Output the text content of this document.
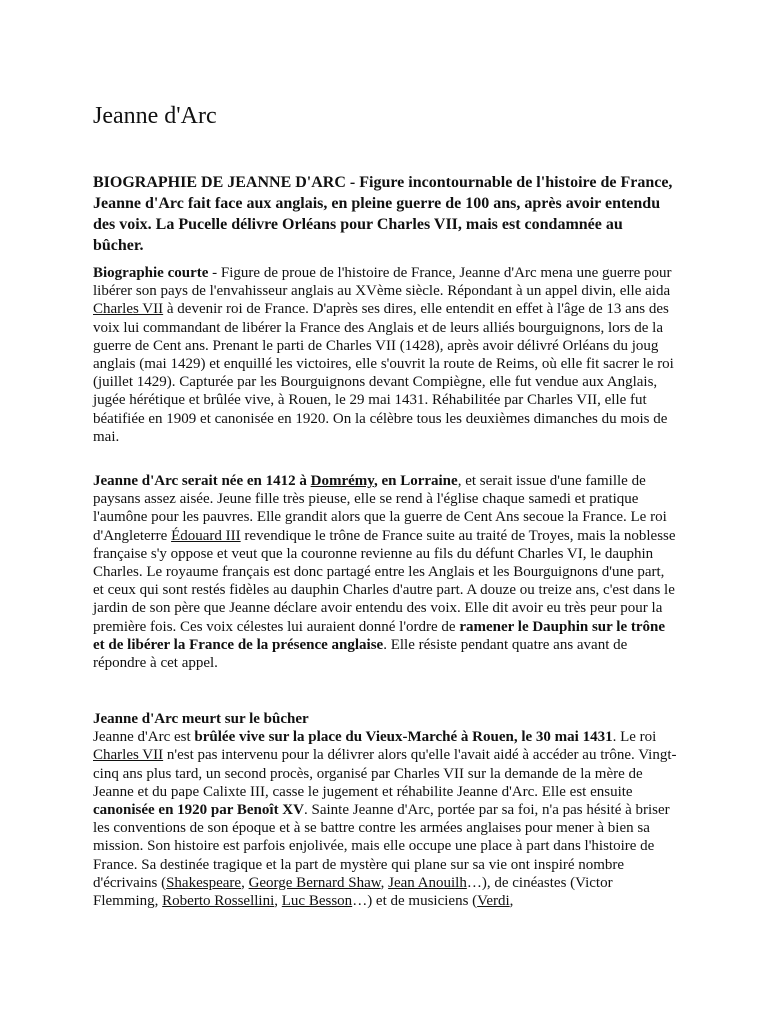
Jeanne d'Arc

BIOGRAPHIE DE JEANNE D'ARC - Figure incontournable de l'histoire de France, Jeanne d'Arc fait face aux anglais, en pleine guerre de 100 ans, après avoir entendu des voix. La Pucelle délivre Orléans pour Charles VII, mais est condamnée au bûcher.

Biographie courte - Figure de proue de l'histoire de France, Jeanne d'Arc mena une guerre pour libérer son pays de l'envahisseur anglais au XVème siècle. Répondant à un appel divin, elle aida Charles VII à devenir roi de France. D'après ses dires, elle entendit en effet à l'âge de 13 ans des voix lui commandant de libérer la France des Anglais et de leurs alliés bourguignons, lors de la guerre de Cent ans. Prenant le parti de Charles VII (1428), après avoir délivré Orléans du joug anglais (mai 1429) et enquillé les victoires, elle s'ouvrit la route de Reims, où elle fit sacrer le roi (juillet 1429). Capturée par les Bourguignons devant Compiègne, elle fut vendue aux Anglais, jugée hérétique et brûlée vive, à Rouen, le 29 mai 1431. Réhabilitée par Charles VII, elle fut béatifiée en 1909 et canonisée en 1920. On la célèbre tous les deuxièmes dimanches du mois de mai.

Jeanne d'Arc serait née en 1412 à Domrémy, en Lorraine, et serait issue d'une famille de paysans assez aisée. Jeune fille très pieuse, elle se rend à l'église chaque samedi et pratique l'aumône pour les pauvres. Elle grandit alors que la guerre de Cent Ans secoue la France. Le roi d'Angleterre Édouard III revendique le trône de France suite au traité de Troyes, mais la noblesse française s'y oppose et veut que la couronne revienne au fils du défunt Charles VI, le dauphin Charles. Le royaume français est donc partagé entre les Anglais et les Bourguignons d'une part, et ceux qui sont restés fidèles au dauphin Charles d'autre part. A douze ou treize ans, c'est dans le jardin de son père que Jeanne déclare avoir entendu des voix. Elle dit avoir eu très peur pour la première fois. Ces voix célestes lui auraient donné l'ordre de ramener le Dauphin sur le trône et de libérer la France de la présence anglaise. Elle résiste pendant quatre ans avant de répondre à cet appel.

Jeanne d'Arc meurt sur le bûcher
Jeanne d'Arc est brûlée vive sur la place du Vieux-Marché à Rouen, le 30 mai 1431. Le roi Charles VII n'est pas intervenu pour la délivrer alors qu'elle l'avait aidé à accéder au trône. Vingt-cinq ans plus tard, un second procès, organisé par Charles VII sur la demande de la mère de Jeanne et du pape Calixte III, casse le jugement et réhabilite Jeanne d'Arc. Elle est ensuite canonisée en 1920 par Benoît XV. Sainte Jeanne d'Arc, portée par sa foi, n'a pas hésité à briser les conventions de son époque et à se battre contre les armées anglaises pour mener à bien sa mission. Son histoire est parfois enjolivée, mais elle occupe une place à part dans l'histoire de France. Sa destinée tragique et la part de mystère qui plane sur sa vie ont inspiré nombre d'écrivains (Shakespeare, George Bernard Shaw, Jean Anouilh…), de cinéastes (Victor Flemming, Roberto Rossellini, Luc Besson…) et de musiciens (Verdi,
